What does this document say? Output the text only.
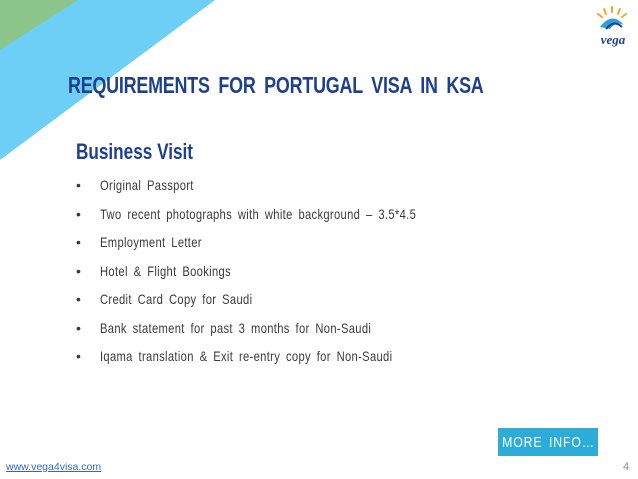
vega
REQUIREMENTS FOR PORTUGAL VISA IN KSA
Business Visit
•	Original Passport
•	Two recent photographs with white background – 3.5*4.5
•	Employment Letter
•	Hotel & Flight Bookings
•	Credit Card Copy for Saudi
•	Bank statement for past 3 months for Non-Saudi
•	Iqama translation & Exit re-entry copy for Non-Saudi
MORE INFO…
www.vega4visa.com	4
